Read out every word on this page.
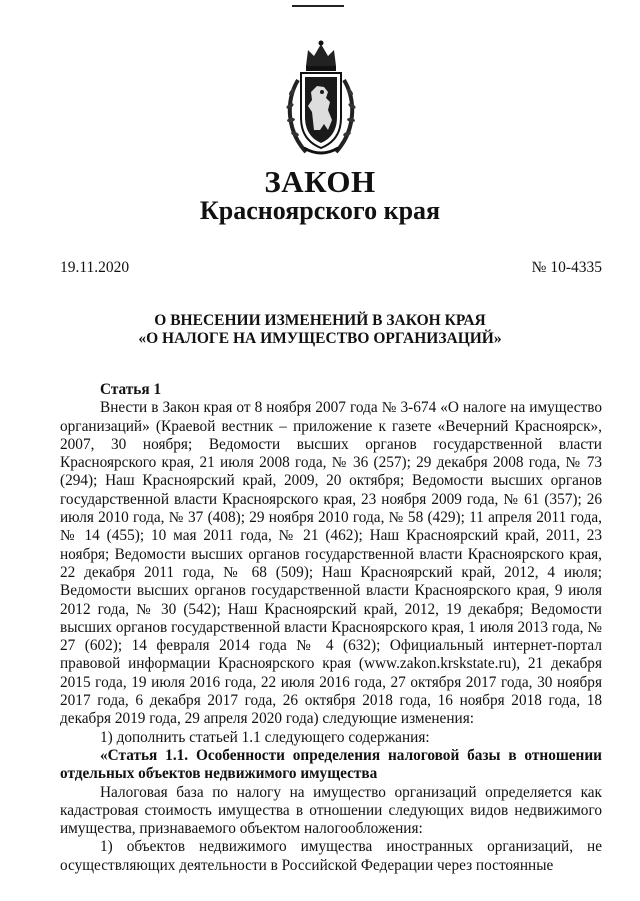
ЗАКОН
Красноярского края
19.11.2020	№ 10-4335
О ВНЕСЕНИИ ИЗМЕНЕНИЙ В ЗАКОН КРАЯ
«О НАЛОГЕ НА ИМУЩЕСТВО ОРГАНИЗАЦИЙ»

Статья 1

Внести в Закон края от 8 ноября 2007 года № 3-674 «О налоге на имущество организаций» (Краевой вестник – приложение к газете «Вечерний Красноярск», 2007, 30 ноября; Ведомости высших органов государственной власти Красноярского края, 21 июля 2008 года, № 36 (257); 29 декабря 2008 года, № 73 (294); Наш Красноярский край, 2009, 20 октября; Ведомости высших органов государственной власти Красноярского края, 23 ноября 2009 года, № 61 (357); 26 июля 2010 года, № 37 (408); 29 ноября 2010 года, № 58 (429); 11 апреля 2011 года, № 14 (455); 10 мая 2011 года, № 21 (462); Наш Красноярский край, 2011, 23 ноября; Ведомости высших органов государственной власти Красноярского края, 22 декабря 2011 года, № 68 (509); Наш Красноярский край, 2012, 4 июля; Ведомости высших органов государственной власти Красноярского края, 9 июля 2012 года, № 30 (542); Наш Красноярский край, 2012, 19 декабря; Ведомости высших органов государственной власти Красноярского края, 1 июля 2013 года, № 27 (602); 14 февраля 2014 года № 4 (632); Официальный интернет-портал правовой информации Красноярского края (www.zakon.krskstate.ru), 21 декабря 2015 года, 19 июля 2016 года, 22 июля 2016 года, 27 октября 2017 года, 30 ноября 2017 года, 6 декабря 2017 года, 26 октября 2018 года, 16 ноября 2018 года, 18 декабря 2019 года, 29 апреля 2020 года) следующие изменения:

1) дополнить статьей 1.1 следующего содержания:

«Статья 1.1. Особенности определения налоговой базы в отношении отдельных объектов недвижимого имущества

Налоговая база по налогу на имущество организаций определяется как кадастровая стоимость имущества в отношении следующих видов недвижимого имущества, признаваемого объектом налогообложения:

1) объектов недвижимого имущества иностранных организаций, не осуществляющих деятельности в Российской Федерации через постоянные
